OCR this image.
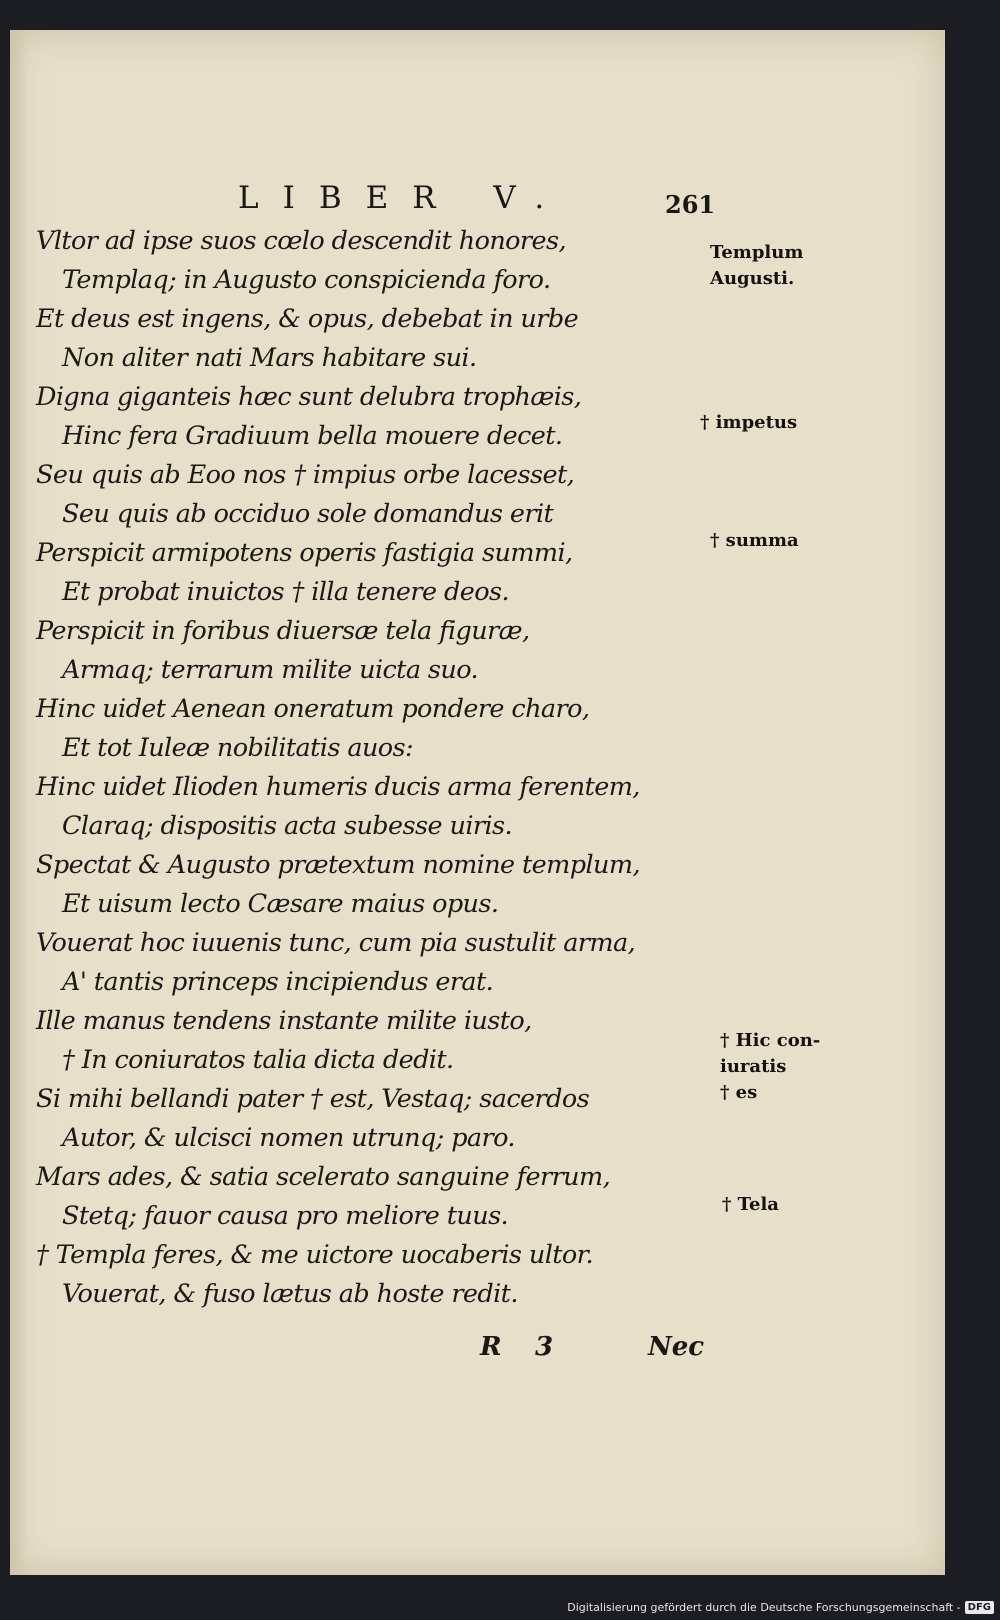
LIBER V.	261
Vltor ad ipse suos cœlo descendit honores,
Templaq; in Augusto conspicienda foro.
Et deus est ingens, & opus, debebat in urbe
Non aliter nati Mars habitare sui.
Digna giganteis hæc sunt delubra trophæis,
Hinc fera Gradiuum bella mouere decet.
Seu quis ab Eoo nos † impius orbe lacesset,
Seu quis ab occiduo sole domandus erit
Perspicit armipotens operis fastigia summi,
Et probat inuictos † illa tenere deos.
Perspicit in foribus diuersæ tela figuræ,
Armaq; terrarum milite uicta suo.
Hinc uidet Aenean oneratum pondere charo,
Et tot Iuleæ nobilitatis auos:
Hinc uidet Ilioden humeris ducis arma ferentem,
Claraq; dispositis acta subesse uiris.
Spectat & Augusto prætextum nomine templum,
Et uisum lecto Cæsare maius opus.
Vouerat hoc iuuenis tunc, cum pia sustulit arma,
A' tantis princeps incipiendus erat.
Ille manus tendens instante milite iusto,
† In coniuratos talia dicta dedit.
Si mihi bellandi pater † est, Vestaq; sacerdos
Autor, & ulcisci nomen utrunq; paro.
Mars ades, & satia scelerato sanguine ferrum,
Stetq; fauor causa pro meliore tuus.
† Templa feres, & me uictore uocaberis ultor.
Vouerat, & fuso lætus ab hoste redit.
Templum
Augusti.
† impetus
† summa
† Hic con-
iuratis
† es
† Tela
R 3	Nec
Digitalisierung gefördert durch die Deutsche Forschungsgemeinschaft - DFG
